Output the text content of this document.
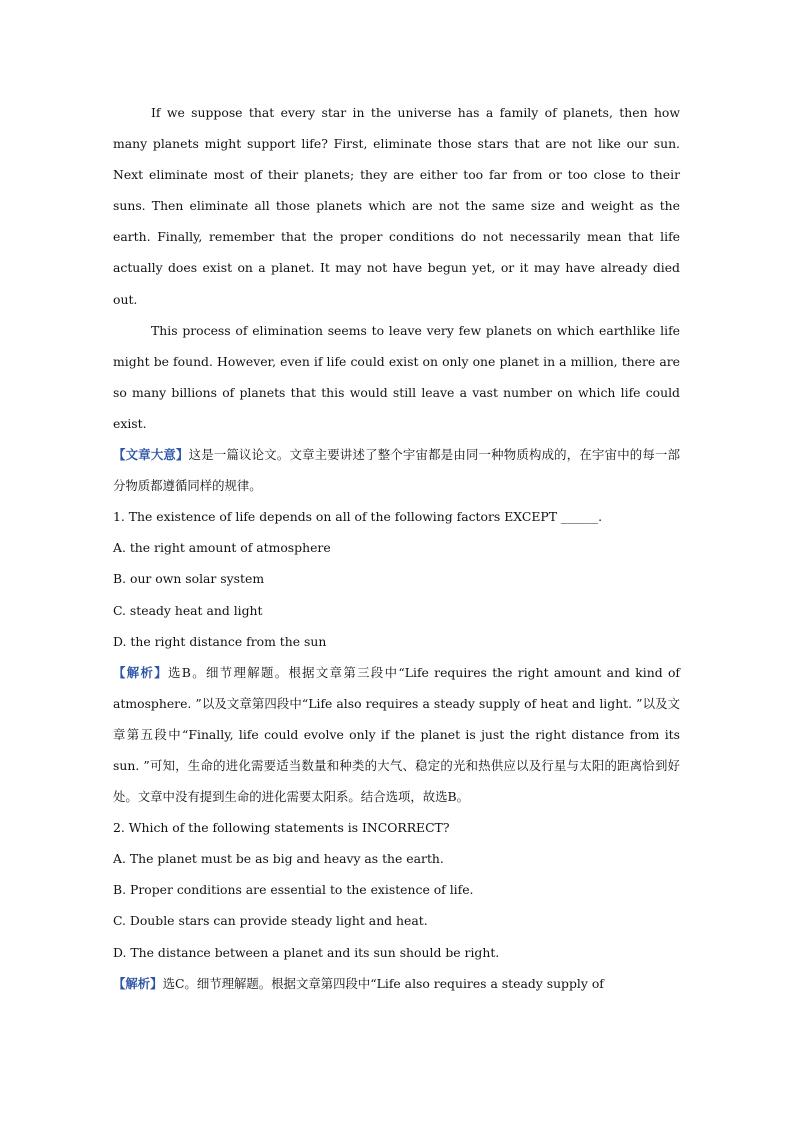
If we suppose that every star in the universe has a family of planets, then how many planets might support life? First, eliminate those stars that are not like our sun. Next eliminate most of their planets; they are either too far from or too close to their suns. Then eliminate all those planets which are not the same size and weight as the earth. Finally, remember that the proper conditions do not necessarily mean that life actually does exist on a planet. It may not have begun yet, or it may have already died out.

This process of elimination seems to leave very few planets on which earthlike life might be found. However, even if life could exist on only one planet in a million, there are so many billions of planets that this would still leave a vast number on which life could exist.

【文章大意】这是一篇议论文。文章主要讲述了整个宇宙都是由同一种物质构成的，在宇宙中的每一部分物质都遵循同样的规律。

1. The existence of life depends on all of the following factors EXCEPT ______.

A. the right amount of atmosphere

B. our own solar system

C. steady heat and light

D. the right distance from the sun

【解析】选B。细节理解题。根据文章第三段中“Life requires the right amount and kind of atmosphere. ”以及文章第四段中“Life also requires a steady supply of heat and light. ”以及文章第五段中“Finally, life could evolve only if the planet is just the right distance from its sun. ”可知，生命的进化需要适当数量和种类的大气、稳定的光和热供应以及行星与太阳的距离恰到好处。文章中没有提到生命的进化需要太阳系。结合选项，故选B。

2. Which of the following statements is INCORRECT?

A. The planet must be as big and heavy as the earth.

B. Proper conditions are essential to the existence of life.

C. Double stars can provide steady light and heat.

D. The distance between a planet and its sun should be right.

【解析】选C。细节理解题。根据文章第四段中“Life also requires a steady supply of
